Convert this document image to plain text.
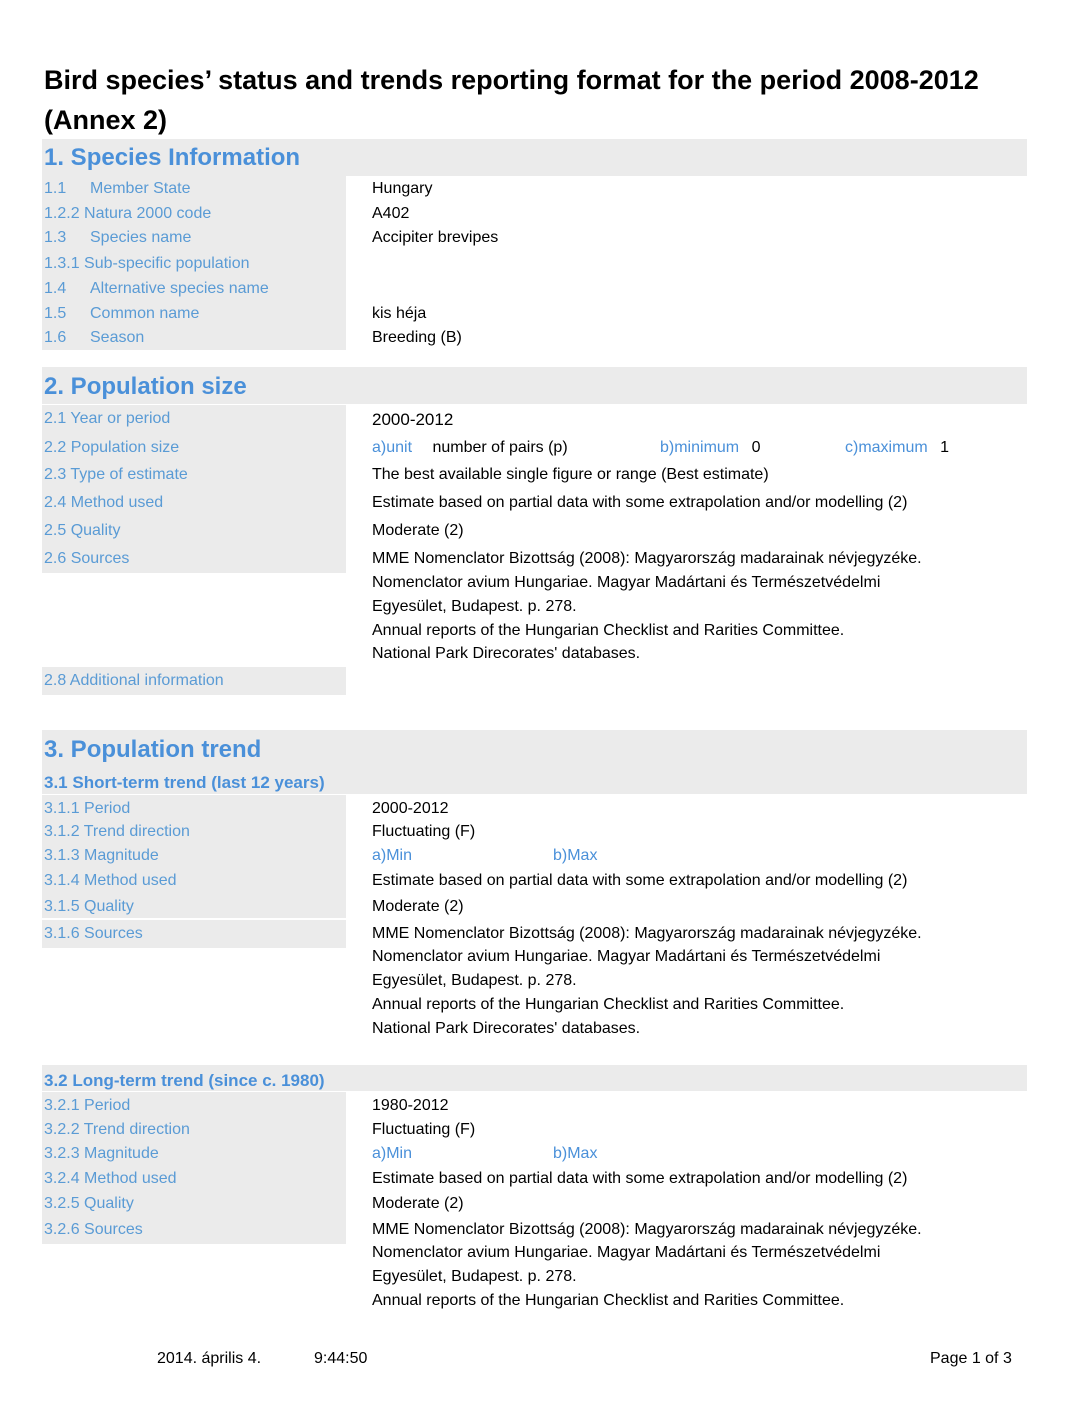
Bird species’ status and trends reporting format for the period 2008-2012
(Annex 2)
1. Species Information
1.1 Member State	Hungary
1.2.2 Natura 2000 code	A402
1.3 Species name	Accipiter brevipes
1.3.1 Sub-specific population
1.4 Alternative species name
1.5 Common name	kis héja
1.6 Season	Breeding (B)
2. Population size
2.1 Year or period	2000-2012
2.2 Population size	a)unit number of pairs (p)	b)minimum 0	c)maximum 1
2.3 Type of estimate	The best available single figure or range (Best estimate)
2.4 Method used	Estimate based on partial data with some extrapolation and/or modelling (2)
2.5 Quality	Moderate (2)
2.6 Sources	MME Nomenclator Bizottság (2008): Magyarország madarainak névjegyzéke.
Nomenclator avium Hungariae. Magyar Madártani és Természetvédelmi
Egyesület, Budapest. p. 278.
Annual reports of the Hungarian Checklist and Rarities Committee.
National Park Direcorates' databases.
2.8 Additional information
3. Population trend
3.1 Short-term trend (last 12 years)
3.1.1 Period	2000-2012
3.1.2 Trend direction	Fluctuating (F)
3.1.3 Magnitude	a)Min	b)Max
3.1.4 Method used	Estimate based on partial data with some extrapolation and/or modelling (2)
3.1.5 Quality	Moderate (2)
3.1.6 Sources	MME Nomenclator Bizottság (2008): Magyarország madarainak névjegyzéke.
Nomenclator avium Hungariae. Magyar Madártani és Természetvédelmi
Egyesület, Budapest. p. 278.
Annual reports of the Hungarian Checklist and Rarities Committee.
National Park Direcorates' databases.
3.2 Long-term trend (since c. 1980)
3.2.1 Period	1980-2012
3.2.2 Trend direction	Fluctuating (F)
3.2.3 Magnitude	a)Min	b)Max
3.2.4 Method used	Estimate based on partial data with some extrapolation and/or modelling (2)
3.2.5 Quality	Moderate (2)
3.2.6 Sources	MME Nomenclator Bizottság (2008): Magyarország madarainak névjegyzéke.
Nomenclator avium Hungariae. Magyar Madártani és Természetvédelmi
Egyesület, Budapest. p. 278.
Annual reports of the Hungarian Checklist and Rarities Committee.
2014. április 4.	9:44:50	Page 1 of 3
